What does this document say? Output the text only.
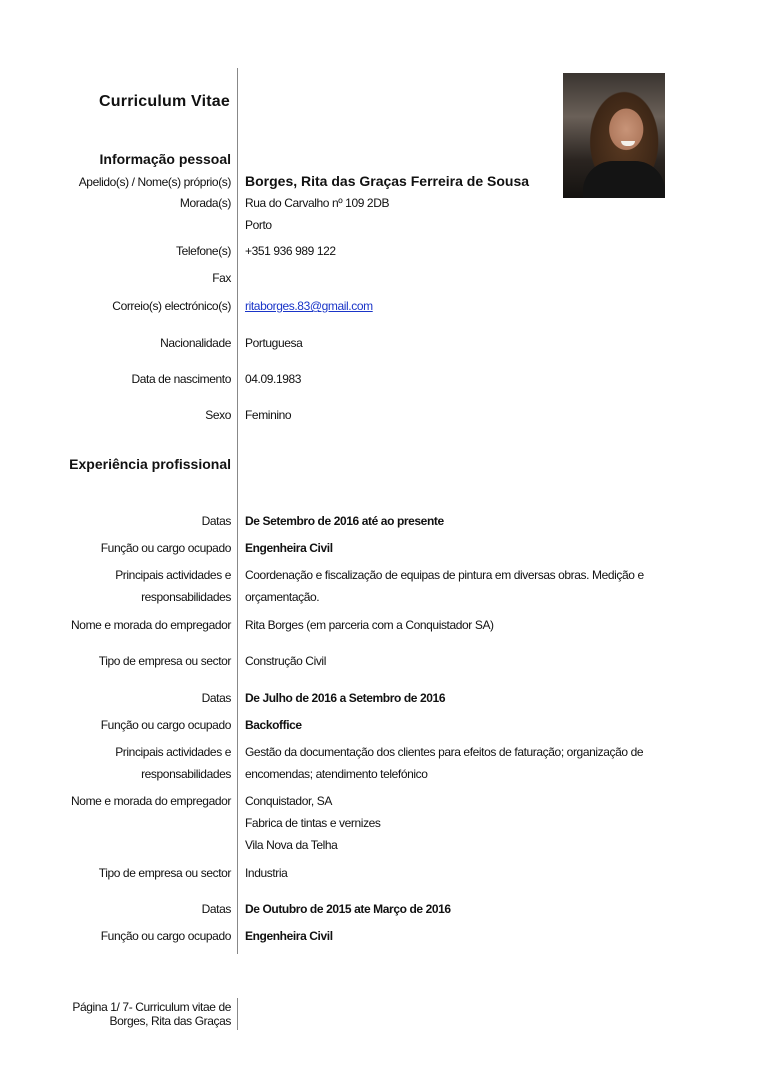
Curriculum Vitae
Informação pessoal
Experiência profissional
Apelido(s) / Nome(s) próprio(s) Borges, Rita das Graças Ferreira de Sousa
Morada(s) Rua do Carvalho nº 109 2DB
Porto
Telefone(s) +351 936 989 122
Fax
Correio(s) electrónico(s) ritaborges.83@gmail.com
Nacionalidade Portuguesa
Data de nascimento 04.09.1983
Sexo Feminino
Datas De Setembro de 2016 até ao presente
Função ou cargo ocupado Engenheira Civil
Principais actividades e
responsabilidades
Coordenação e fiscalização de equipas de pintura em diversas obras. Medição e
orçamentação.
Nome e morada do empregador Rita Borges (em parceria com a Conquistador SA)
Tipo de empresa ou sector Construção Civil
Datas De Julho de 2016 a Setembro de 2016
Função ou cargo ocupado Backoffice
Principais actividades e
responsabilidades
Gestão da documentação dos clientes para efeitos de faturação; organização de
encomendas; atendimento telefónico
Nome e morada do empregador Conquistador, SA
Fabrica de tintas e vernizes
Vila Nova da Telha
Tipo de empresa ou sector Industria
Datas De Outubro de 2015 ate Março de 2016
Função ou cargo ocupado Engenheira Civil
Página 1/ 7- Curriculum vitae de
Borges, Rita das Graças
